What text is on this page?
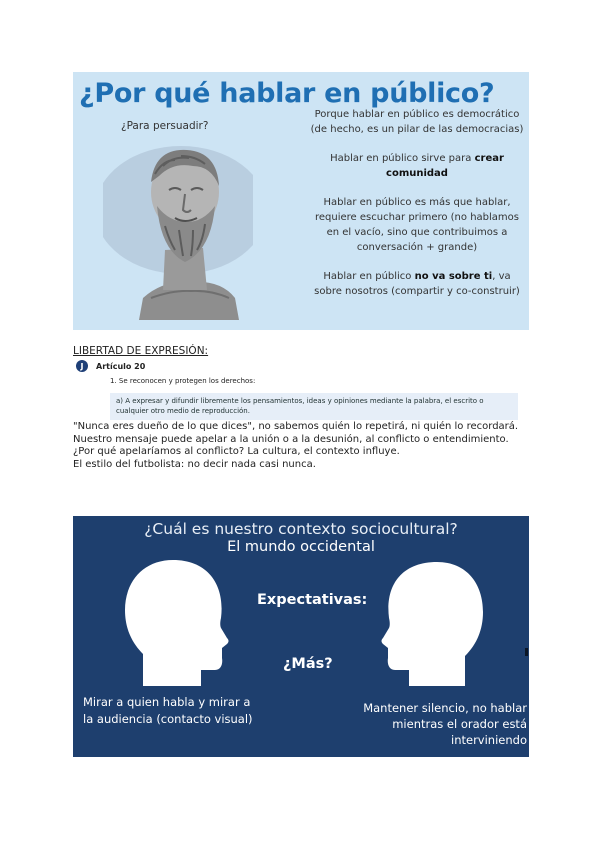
¿Por qué hablar en público?
¿Para persuadir?

Porque hablar en público es democrático (de hecho, es un pilar de las democracias)

Hablar en público sirve para crear comunidad

Hablar en público es más que hablar, requiere escuchar primero (no hablamos en el vacío, sino que contribuimos a conversación + grande)

Hablar en público no va sobre ti, va sobre nosotros (compartir y co-construir)

LIBERTAD DE EXPRESIÓN:
J	Artículo 20
1. Se reconocen y protegen los derechos:
a) A expresar y difundir libremente los pensamientos, ideas y opiniones mediante la palabra, el escrito o cualquier otro medio de reproducción.

"Nunca eres dueño de lo que dices", no sabemos quién lo repetirá, ni quién lo recordará.

Nuestro mensaje puede apelar a la unión o a la desunión, al conflicto o entendimiento.

¿Por qué apelaríamos al conflicto? La cultura, el contexto influye.

El estilo del futbolista: no decir nada casi nunca.

¿Cuál es nuestro contexto sociocultural?
El mundo occidental
Expectativas:
¿Más?
Mirar a quien habla y mirar a la audiencia (contacto visual)
Mantener silencio, no hablar mientras el orador está interviniendo
